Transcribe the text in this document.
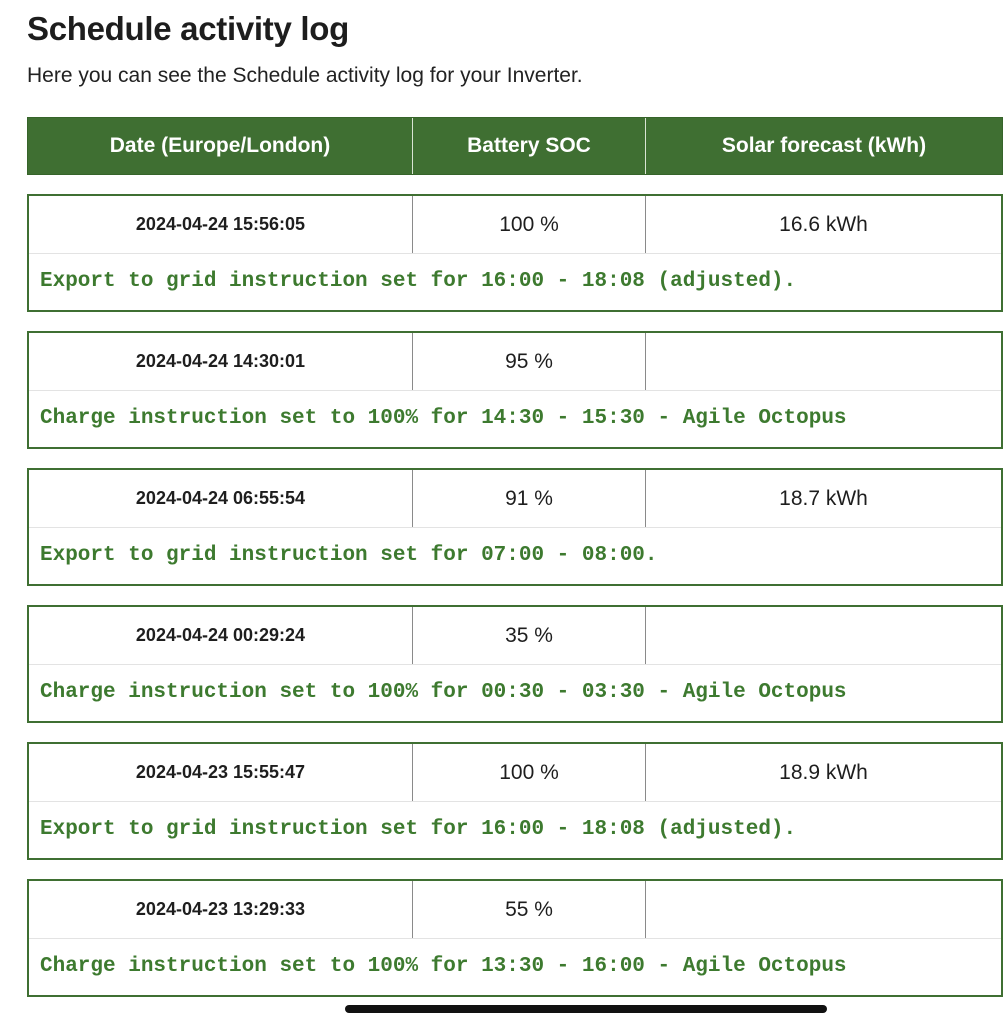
Schedule activity log

Here you can see the Schedule activity log for your Inverter.

Date (Europe/London)	Battery SOC	Solar forecast (kWh)
2024-04-24 15:56:05	100 %	16.6 kWh
Export to grid instruction set for 16:00 - 18:08 (adjusted).
2024-04-24 14:30:01	95 %
Charge instruction set to 100% for 14:30 - 15:30 - Agile Octopus
2024-04-24 06:55:54	91 %	18.7 kWh
Export to grid instruction set for 07:00 - 08:00.
2024-04-24 00:29:24	35 %
Charge instruction set to 100% for 00:30 - 03:30 - Agile Octopus
2024-04-23 15:55:47	100 %	18.9 kWh
Export to grid instruction set for 16:00 - 18:08 (adjusted).
2024-04-23 13:29:33	55 %
Charge instruction set to 100% for 13:30 - 16:00 - Agile Octopus
